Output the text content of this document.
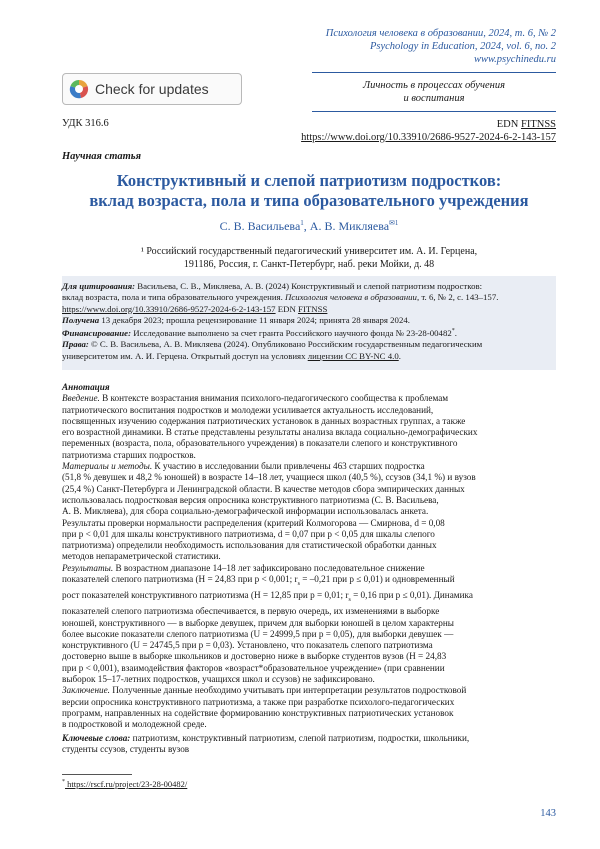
Психология человека в образовании, 2024, т. 6, № 2
Psychology in Education, 2024, vol. 6, no. 2
www.psychinedu.ru
Check for updates	Личность в процессах обучения
и воспитания
УДК 316.6	EDN FITNSS
https://www.doi.org/10.33910/2686-9527-2024-6-2-143-157
Научная статья
Конструктивный и слепой патриотизм подростков:
вклад возраста, пола и типа образовательного учреждения
С. В. Васильева$^1$, А. В. Микляева$^{✉1}$
¹ Российский государственный педагогический университет им. А. И. Герцена,
191186, Россия, г. Санкт-Петербург, наб. реки Мойки, д. 48
Для цитирования: Васильева, С. В., Микляева, А. В. (2024) Конструктивный и слепой патриотизм подростков:
вклад возраста, пола и типа образовательного учреждения. Психология человека в образовании, т. 6, № 2, с. 143–157.
https://www.doi.org/10.33910/2686-9527-2024-6-2-143-157 EDN FITNSS
Получена 13 декабря 2023; прошла рецензирование 11 января 2024; принята 28 января 2024.
Финансирование: Исследование выполнено за счет гранта Российского научного фонда № 23-28-00482*.
Права: © С. В. Васильева, А. В. Микляева (2024). Опубликовано Российским государственным педагогическим
университетом им. А. И. Герцена. Открытый доступ на условиях лицензии CC BY-NC 4.0.
Аннотация
Введение. В контексте возрастания внимания психолого-педагогического сообщества к проблемам
патриотического воспитания подростков и молодежи усиливается актуальность исследований,
посвященных изучению содержания патриотических установок в данных возрастных группах, а также
его возрастной динамики. В статье представлены результаты анализа вклада социально-демографических
переменных (возраста, пола, образовательного учреждения) в показатели слепого и конструктивного
патриотизма старших подростков.
Материалы и методы. К участию в исследовании были привлечены 463 старших подростка
(51,8 % девушек и 48,2 % юношей) в возрасте 14–18 лет, учащиеся школ (40,5 %), ссузов (34,1 %) и вузов
(25,4 %) Санкт-Петербурга и Ленинградской области. В качестве методов сбора эмпирических данных
использовалась подростковая версия опросника конструктивного патриотизма (С. В. Васильева,
А. В. Микляева), для сбора социально-демографической информации использовалась анкета.
Результаты проверки нормальности распределения (критерий Колмогорова — Смирнова, d = 0,08
при p < 0,01 для шкалы конструктивного патриотизма, d = 0,07 при p < 0,05 для шкалы слепого
патриотизма) определили необходимость использования для статистической обработки данных
методов непараметрической статистики.
Результаты. В возрастном диапазоне 14–18 лет зафиксировано последовательное снижение
показателей слепого патриотизма (H = 24,83 при p < 0,001; $r_s = -0,21$ при p ≤ 0,01) и одновременный
рост показателей конструктивного патриотизма (H = 12,85 при p = 0,01; $r_s = 0,16$ при p ≤ 0,01). Динамика
показателей слепого патриотизма обеспечивается, в первую очередь, их изменениями в выборке
юношей, конструктивного — в выборке девушек, причем для выборки юношей в целом характерны
более высокие показатели слепого патриотизма (U = 24999,5 при p = 0,05), для выборки девушек —
конструктивного (U = 24745,5 при p = 0,03). Установлено, что показатель слепого патриотизма
достоверно выше в выборке школьников и достоверно ниже в выборке студентов вузов (H = 24,83
при p < 0,001), взаимодействия факторов «возраст*образовательное учреждение» (при сравнении
выборок 15–17-летних подростков, учащихся школ и ссузов) не зафиксировано.
Заключение. Полученные данные необходимо учитывать при интерпретации результатов подростковой
версии опросника конструктивного патриотизма, а также при разработке психолого-педагогических
программ, направленных на содействие формированию конструктивных патриотических установок
в подростковой и молодежной среде.
Ключевые слова: патриотизм, конструктивный патриотизм, слепой патриотизм, подростки, школьники,
студенты ссузов, студенты вузов
* https://rscf.ru/project/23-28-00482/
143
